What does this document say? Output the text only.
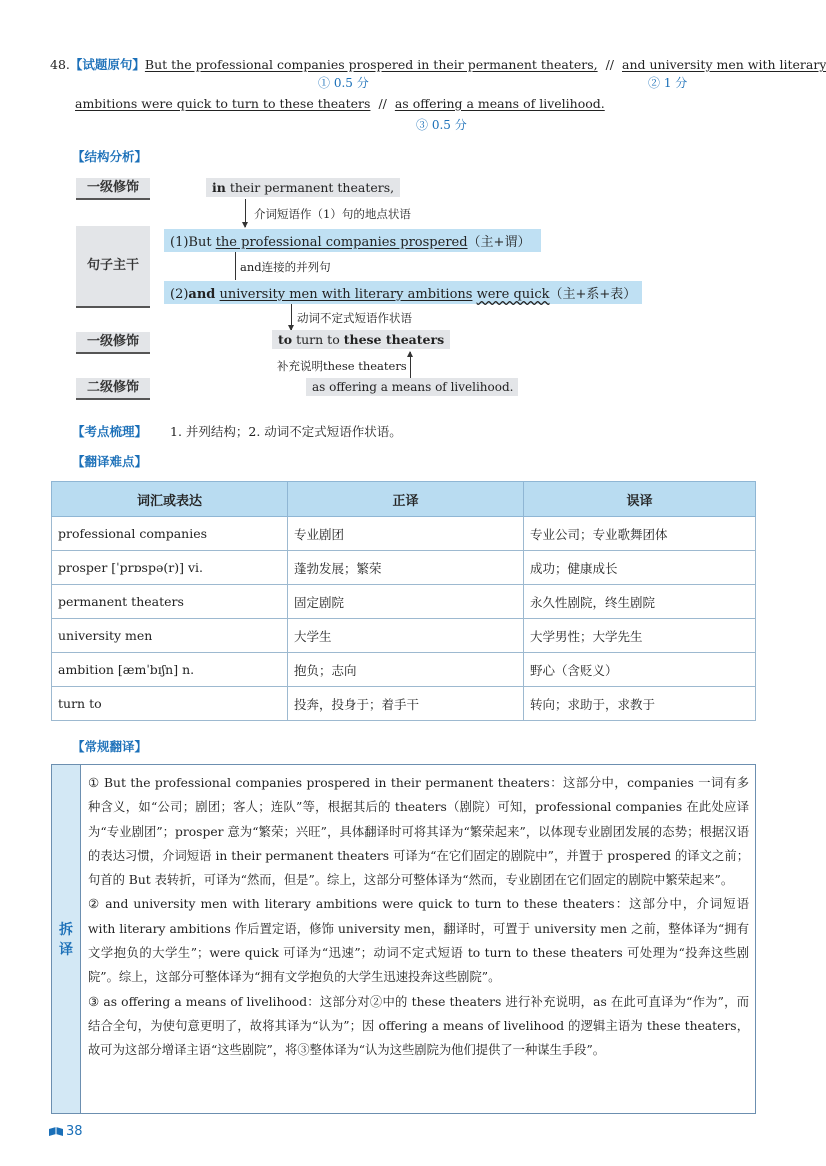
48.【试题原句】But the professional companies prospered in their permanent theaters, // and university men with literary
① 0.5 分	② 1 分
ambitions were quick to turn to these theaters // as offering a means of livelihood.
③ 0.5 分
【结构分析】
一级修饰
句子主干
一级修饰
二级修饰
in their permanent theaters,
介词短语作（1）句的地点状语
(1)But the professional companies prospered（主+谓）
and连接的并列句
(2)and university men with literary ambitions were quick（主+系+表）
动词不定式短语作状语
to turn to these theaters
补充说明these theaters
as offering a means of livelihood.
【考点梳理】 1. 并列结构；2. 动词不定式短语作状语。
【翻译难点】
词汇或表达	正译	误译
professional companies	专业剧团	专业公司；专业歌舞团体
prosper [ˈprɒspə(r)] vi.	蓬勃发展；繁荣	成功；健康成长
permanent theaters	固定剧院	永久性剧院，终生剧院
university men	大学生	大学男性；大学先生
ambition [æmˈbɪʃn] n.	抱负；志向	野心（含贬义）
turn to	投奔，投身于；着手干	转向；求助于，求教于
【常规翻译】
拆
译

① But the professional companies prospered in their permanent theaters：这部分中，companies 一词有多种含义，如“公司；剧团；客人；连队”等，根据其后的 theaters（剧院）可知，professional companies 在此处应译为“专业剧团”；prosper 意为“繁荣；兴旺”，具体翻译时可将其译为“繁荣起来”，以体现专业剧团发展的态势；根据汉语的表达习惯，介词短语 in their permanent theaters 可译为“在它们固定的剧院中”，并置于 prospered 的译文之前；句首的 But 表转折，可译为“然而，但是”。综上，这部分可整体译为“然而，专业剧团在它们固定的剧院中繁荣起来”。

② and university men with literary ambitions were quick to turn to these theaters：这部分中，介词短语 with literary ambitions 作后置定语，修饰 university men，翻译时，可置于 university men 之前，整体译为“拥有文学抱负的大学生”；were quick 可译为“迅速”；动词不定式短语 to turn to these theaters 可处理为“投奔这些剧院”。综上，这部分可整体译为“拥有文学抱负的大学生迅速投奔这些剧院”。

③ as offering a means of livelihood：这部分对②中的 these theaters 进行补充说明，as 在此可直译为“作为”，而结合全句，为使句意更明了，故将其译为“认为”；因 offering a means of livelihood 的逻辑主语为 these theaters，故可为这部分增译主语“这些剧院”，将③整体译为“认为这些剧院为他们提供了一种谋生手段”。

38
